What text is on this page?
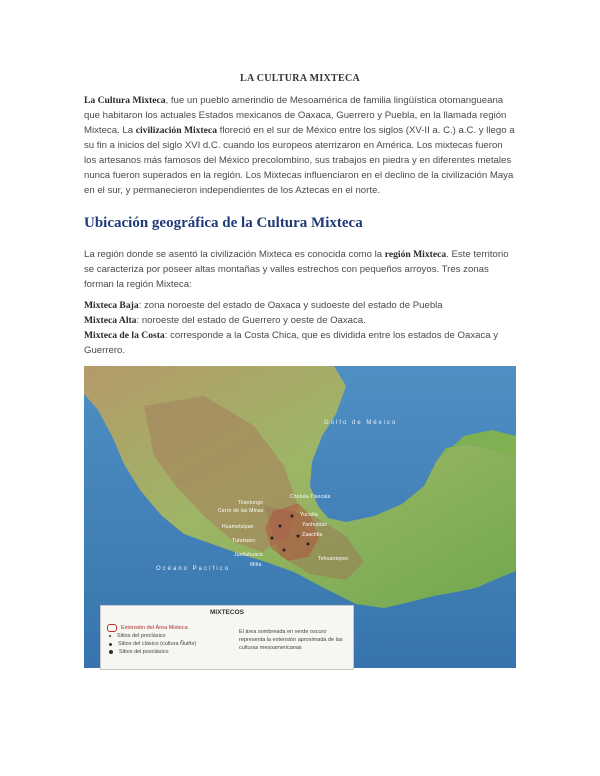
LA CULTURA MIXTECA
La Cultura Mixteca, fue un pueblo amerindio de Mesoamérica de familia lingüística otomangueana que habitaron los actuales Estados mexicanos de Oaxaca, Guerrero y Puebla, en la llamada región Mixteca. La civilización Mixteca floreció en el sur de México entre los siglos (XV-II a. C.) a.C. y llego a su fin a inicios del siglo XVI d.C. cuando los europeos aterrizaron en América. Los mixtecas fueron los artesanos más famosos del México precolombino, sus trabajos en piedra y en diferentes metales nunca fueron superados en la región. Los Mixtecas influenciaron en el declino de la civilización Maya en el sur, y permanecieron independientes de los Aztecas en el norte.
Ubicación geográfica de la Cultura Mixteca
La región donde se asentó la civilización Mixteca es conocida como la región Mixteca. Este territorio se caracteriza por poseer altas montañas y valles estrechos con pequeños arroyos. Tres zonas forman la región Mixteca:
Mixteca Baja: zona noroeste del estado de Oaxaca y sudoeste del estado de Puebla
Mixteca Alta: noroeste del estado de Guerrero y oeste de Oaxaca.
Mixteca de la Costa: corresponde a la Costa Chica, que es dividida entre los estados de Oaxaca y Guerrero.
Golfo de México
Océano Pacífico
Tilantongo
Cerro de las Minas
Tututepec
Cholula-Tlaxcala
Huamelulpan
Yucuita
Yanhuitlán
Juxtlahuaca
Zaachila
Mitla
Tehuantepec
MIXTECOS
Extensión del Área Mixteca
Sitios del preclásico
Sitios del clásico (cultura Ñuiñe)
Sitios del posclásico
El área sombreada en verde oscuro representa la extensión aproximada de las culturas mesoamericanas
